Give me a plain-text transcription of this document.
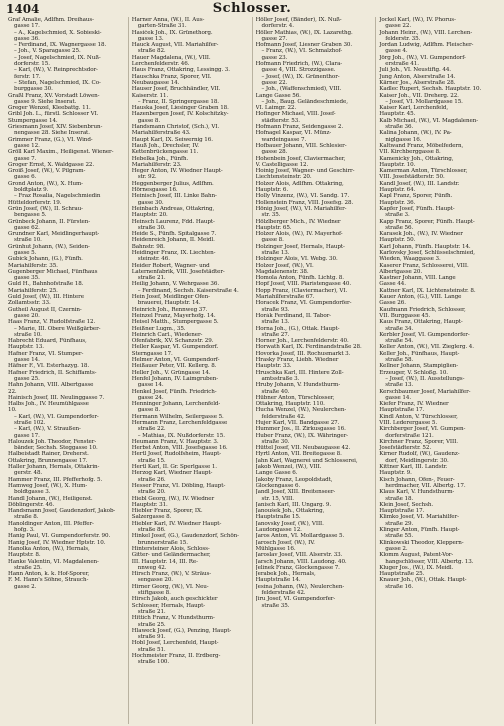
1404	Schlosser.
Graf Amalie, Adlfhm. Dreihaus-
gasse 17.
– A., Kagelschmied, X. Sobieski-
gasse 36.
– Ferdinand, IX. Wagnergasse 18.
– Joh., V. Sparagasse 25.
– Josef, Nagelschmied, IX. Nuß-
dorferstr. 15.
– Karl, (W.), V. Reinprechtsdor-
ferstr. 17.
– Stefan, Nagelschmied, IX. Co-
burggasse 30.
Graßl Franz, XV. Vorstadt Löwen-
gasse 9. Siehe Inserat.
Greger Wenzel, Kleebattg. 11.
Gribl Joh. L., fürstl. Schlosser VI.
Stumpergasse 14.
Griesmann Josef, XIV. Siebenbrun-
nengasse 28. Siehe Inserat.
Grimmer Franz, (G.), VI. Wind-
gasse 12.
Gröll Karl Maxim., Heiligenst. Wiener-
gasse 7.
Groger Ernst, X. Waldgasse 22.
Groiß Josef, (W.), V. Pilgram-
gasse 6.
Grond Anton, (W.), X. Hum-
boldtplatz 9.
– Fraz Rosalia, Nagelschmiedin
Hütteldorferstr. 19.
Grün Josef, (W.), II. Schrau-
bengasse 5.
Grünbeck Johann, II. Fürsten-
gasse 62.
Grundner Karl, Meidlingerhaupt-
straße 10.
Grünhut Johann, (W.), Seiden-
gasse 5.
Gubick Johann, (G.), Fünfh.
Mariahilferstr. 35.
Gugenberger Michael, Fünfhaus
gasse 35.
Guld H., Bahnhofstraße 18.
Mariahilferstr. 25.
Guld Josef, (W.), III. Hintere
Zollamtsstr. 33.
Gutheil August II, Czernin-
gasse 20.
Haas Franz, V. Rudolfstraße 12.
– Marie, III. Obere Weißgärber-
straße 10.
Habrecht Eduard, Fünfhaus,
Hauptstr. 13.
Hafner Franz, VI. Stumper-
gasse 14.
Häfner F., VI. Esterhazyg. 18.
Hafner Friedrich, II. Schiffamts-
gasse 25.
Hahn Johann, VIII. Albertgasse
22.
Hainisch Josef, III. Neulinggasse 7.
Halbs Joh., IV. Heumühlgasse
10.
– Karl, (W.), VI. Gumpendorfer-
straße 102.
– Karl, (W.), V. Straußen-
gasse 17.
Halouzek Joh. Theodor, Fenster-
bänder, Sechsh. Steggasse 10.
Halbeistadt Rainer, Dreherst.
Ottakring, Brunnengasse 17.
Haller Johann, Hernals, Ottakrin-
gerstr. 48.
Hammer Franz, III. Pfefferhofg. 5.
Hamweg Josef, (W.), X. Hum-
boldtgasse 3.
Handl Johann, (W.), Heiligenst.
Döblingerstr. 46.
Handsmann Josef, Gaudenzdorf, Jakob-
straße 8.
Hanoldinger Anton, III. Pfeffer-
hofg. 3.
Hanig Paul, VI. Gumpendorferstr. 90.
Hanig Josef, IV. Wiedner Hptstr. 10.
Hanolka Anton, (W.), Hernals,
Hauptstr. 8.
Hanke Valentin, VI. Magdalenen-
straße 25.
Hann Anton, k. k. Hof-Sporer,
F. M. Hann's Söhne, Strauch-
gasse 2.
Harner Anna, (W.), II. Aus-
garten-Straße 31.
Hasiček Joh., IX. Grünethorg.
gasse 13.
Hauck August, VII. Mariahilfer-
straße 82.
Hauer Magdalena, (W.), VIII.
Lerchenfelderstr. 46.
Haus Franz, Ottakring, Lessingg. 3.
Hauschka Franz, Sporer, VII.
Neubaugasse 14.
Hauser Josef, Bruchhändler, VII.
Kaiserstr. 11.
– Franz, II. Springergasse 18.
Hauska Josef, Liesinger Graben 18.
Hazenbergen Josef, IV. Kolschitzky-
gasse 8.
Handsmann Christof, (Sch.), VI.
Mariahilferstraße 43.
Haupt Karl, IX. Seiwernig 16.
Hauß Joh., Drechsler, IV.
Kettenbrückengasse 11.
Hebelka Joh., Fünfh.
Mariahilferstr. 23.
Heger Anton, IV. Wiedner Haupt-
str. 92.
Heggenberger Julius, Adlfhm.
Hörnesgasse 16.
Heinisch Josef, III. Linke Bahn-
gasse 30.
Heinbach Andreas, Ottakring,
Hauptstr. 20.
Heinsch Laurenz, Fdd. Haupt-
straße 30.
Heide S., Fünfh. Spitalgasse 7.
Heidenreich Johann, II. Meidl.
Bahnstr. 98.
Heidinger Franz, IX. Liechten-
steinstr. 46.
Heider Robert, Wagner- und
Laternenfabrik, VIII. Josefstädter-
straße 21.
Heilig Johann, V. Wehrgasse 36.
– Ferdinand, Sechsh. Kaiserstraße 4.
Hein Josef, Meidlinger Ofen-
brauerei, Hauptstr. 14.
Heinrich Joh., Rennweg 37.
Heinzel Franz, Mayerhofg. 14.
Heisel Matth., Stumpergasse 5.
Heißner Lugm., 35.
Heinrich Carl., Wiedener-
Ofenfabrik, XV. Schanzstr. 29.
Heller Kaspar, VI. Gumpendorf.
Sterngasse 17.
Helmer Anton, VI. Gumpendorf-
Heißauer Peter, VII. Kellerg. 8.
Heller Joh., V. Grüngasse 14.
Henfel Johann, IV. Laimgruben-
gasse 14.
Henkel Josef, Fünfh. Friedrich-
gasse 24.
Henninger Johann, Lerchenfeld-
gasse 8.
Hermann Wilhelm, Seilergasse 5.
Hermann Franz, Lerchenfeldgasse
straße 22.
– Mathias, IX. Nußdorferstr. 15.
Heumann Franz, V. Hauptstr. 3.
Herbst Anton, VIII. Josefsgasse 16.
Hertl Josef, Rudolfsheim, Haupt-
straße 15.
Hertl Karl, II. Gr. Sperlgasse 1.
Herzog Karl, Wiedner Haupt-
straße 26.
Hesser Franz, VI. Döbling, Haupt-
straße 20.
Hiebl Georg, (W.), IV. Wiedner
Hauptstr. 31.
Hiebler Franz, Sporer, IX.
Salzergasse 8.
Hiebler Karl, IV. Wiedner Haupt-
straße 86.
Hinkel Josef, (G.), Gaudenzdorf, Schön-
brunnerstraße 15.
Hintersteiner Alois, Schloss-
Gitter- und Geländermacher,
III. Hauptstr. 14, III. Re-
nnweg 42.
Hirsch Franz, (W.), V. Sträus-
sengasse 20.
Hirner Georg, (W.), VI. Neu-
stiftgasse 8.
Hirsch Jakob, auch geschickter
Schlosser, Hernals, Haupt-
straße 21.
Hittich Franz, V. Hundsthurm-
straße 25.
Hlaweck Josef, (G.), Penzing, Haupt-
straße 91.
Hobl Josef, Lerchenfeld, Haupt-
straße 51.
Hochmeister Franz, II. Erdberg-
straße 100.
Höller Josef, (Bänder), IX. Nuß-
dorferstr. 4.
Höller Mathias, (W.), IX. Lazarethg.
gasse 27.
Hofmann Josef, Liesner Graben 30.
– Franz, (W.), VI. Schmalzhof-
gasse 23.
Hofmann Friedrich, (W.), Clara-
gasse 4, VIII. Strozzigasse.
– Josef, (W.), IX. Grünenthor-
gasse 22.
– Joh., (Waffenschmied), VIII.
Lange Gasse 56.
– Joh., Baug. Geländeschmiede,
VI. Laimgr. 22.
Hofinger Michael, VIII. Josef-
städterstr. 53.
Hofmann Franz, Seidengasse 2.
Hofnagel Kaspar, VI. Münz-
wardeingasse 7.
Hofbauer Johann, VIII. Schlesier-
gasse 28.
Hohenbein Josef, Claviermacher,
V. Castelligasse 12.
Hoinig Josef, Wagner- und Geschirr-
Liechtensteinstr. 20.
Holzer Alois, Adlfhm. Ottakring,
Hauptstr. 6.
Holly Vinzenz, (W.), VI. Sandg. 17.
Hollenstein Franz, VIII. Josefsg. 28.
Hönig Josef, (W.), VI. Mariahilfer-
str. 35.
Hölzlberger Mich., IV. Wiedner
Hauptstr. 65.
Holzer Alois, (W.), IV. Mayerhof-
gasse 8.
Holzinger Josef, Hernals, Haupt-
straße 13.
Holzinger Alois, VI. Webg. 30.
Holzer Josef, (W.), VI.
Magdalenenstr. 38.
Homola Anton, Fünfh. Lichtg. 8.
Hopf Josef, VIII. Piaristengasse 40.
Hopp Franz, (Claviermacher), VI.
Mariahilferstraße 67.
Horacek Franz, VI. Gumpendorfer-
straße 93.
Horák Ferdinand, II. Tabor-
straße 13.
Horna Joh., (G.), Ottak. Haupt-
straße 27.
Horner Joh., Lerchenfelderstr. 40.
Horwath Karl, IX. Ferdinandstraße 28.
Hovorka Josef, III. Rochusmarkt 3.
Hrasky Franz, Liebh. Wiedner
Hauptstr. 33.
Hruschka Karl, III. Hintere Zoll-
amtsstraße 3.
Hruby Johann, V. Hundsthurm-
straße 40.
Hübner Anton, Türschlosser,
Ottakring, Hauptstr. 110.
Hucha Wenzel, (W.), Neulerchen-
felderstraße 42.
Hujer Karl, VII. Bandgasse 27.
Hummer Jos., II. Zirkusgasse 16.
Huber Franz, (W.), IX. Währinger-
straße 30.
Hüttel Josef, VII. Neubaugasse 42.
Hyrtl Anton, VII. Breitegasse 8.
Jahn Karl, Wagnerei und Schlosserei,
Jakob Wenzel, (W.), VIII.
Lange Gasse 6.
Jakoby Franz, Leopoldstadt,
Glockengasse 6.
Jandl Josef, XIII. Breitenseer-
str. 15, VIII.
Janisch Karl, III. Ungarg. 9.
Janoušek Joh., Ottakring,
Hauptstraße 15.
Janovsky Josef, (W.), VIII.
Laudongasse 12.
Jaros Anton, VI. Mollardgasse 5.
Jarosch Josef, (W.), IV.
Mühlgasse 16.
Jaroslav Josef, VIII. Alserstr. 33.
Jarsch Johann, VIII. Laudong. 40.
Jelinek Franz, Glockengasse 7.
Jerabek Joh., Hernals,
Hauptstraße 14.
Jesina Johann, (W.), Neulerchen-
felderstraße 42.
Jiru Josef, VI. Gumpendorfer-
straße 35.
Jockel Karl, (W.), IV. Phorus-
gasse 22.
Johann Heinr., (W.), VIII. Lerchen-
felderstr. 35.
Jordan Ludwig, Adlfhm. Fleischer-
gasse 4.
Jörg Joh., (W.), VI. Gumpendorf-
erstraße 41.
Juli Joh., VI. Neustiftg. 44.
Jung Anton, Alserstraße 14.
Kärner Jos., Alserstraße 28.
Kadlec Rupert, Sechsh. Hauptstr. 10.
Kaiser Joh., VII. Dreherg. 22.
– Josef, VI. Mollardgasse 15.
Kaiser Karl, Lerchenfeld,
Hauptstr. 45.
Kalb Michael, (W.), VI. Magdalenen-
straße 36.
Kalina Johann, (W.), IV. Pa-
niglgasse 16.
Kaltwand Franz, Möbelfedern,
VII. Kirchberggasse 8.
Kamenický Joh., Ottakring,
Hauptstr. 10.
Kamerman Anton, Türschlosser,
VIII. Josefstädterstr. 50.
Kandl Josef, (W.), III. Landstr.
Hauptstr. 64.
Kapl Franz, Sporer, Fünfh.
Hauptstr. 36.
Kapfer Josef, Fünfh. Haupt-
straße 3.
Kapp Franz, Sporer, Fünfh. Haupt-
straße 56.
Karasek Joh., (W.), IV. Wiedner
Hauptstr. 50.
Karl Johann, Fünfh. Hauptstr. 14.
Karlovsky Josef, Schlüsselschmied,
Wieden, Waaggasse 3.
Kaserer Franz, Schlosserei, VIII.
Albertgasse 20.
Kastner Johann, VIII. Lange
Gasse 44.
Kattner Karl, IX. Lichtensteinstr. 8.
Kauer Anton, (G.), VIII. Lange
Gasse 26.
Kaufmann Friedrich, Schlosser,
VII. Burggasse 45.
Kaus Franz, Ottakring, Haupt-
straße 34.
Kerbler Josef, VI. Gumpendorfer-
straße 54.
Keller Anton, (W.), VII. Zieglerg. 4.
Keller Joh., Fünfhaus, Haupt-
straße 58.
Kellner Johann, Stampiglien-
Erzeuger, V. Schloßg. 10.
– Josef, (W.), II. Ausstellungs-
straße 13.
Kerschbaumer Josef, Mariahilfer-
gasse 14.
Kiefer Franz, IV. Wiedner
Hauptstraße 17.
Kindl Anton, V. Türschlosser,
VIII. Lederergasse 5.
Kirchberger Josef, VI. Gumpen-
dorferstraße 121.
Kirchner Franz, Sporer, VIII.
Josefstädterstr. 52.
Kirner Rudolf, (W.), Gaudenz-
dorf, Meidlingerstr. 30.
Kittner Karl, III. Landstr.
Hauptstr. 9.
Kisch Johann, Ofen-, Feuer-
herdmacher, VII. Albertg. 17.
Klaus Karl, V. Hundsthurm-
straße 18.
Klein Josef, Sechsh.
Hauptstraße 17.
Klimko Josef, VI. Mariahilfer-
straße 29.
Klinger Anton, Fünfh. Haupt-
straße 55.
Klinkowski Theodor, Kleppern-
gasse 2.
Klomm August, Patent-Vor-
hangschlösser, VIII. Albertg. 13.
Kluger Jos., (W.), IX. Meidl.
Hauptstraße 25.
Knauer Joh., (W.), Ottak. Haupt-
straße 16.
